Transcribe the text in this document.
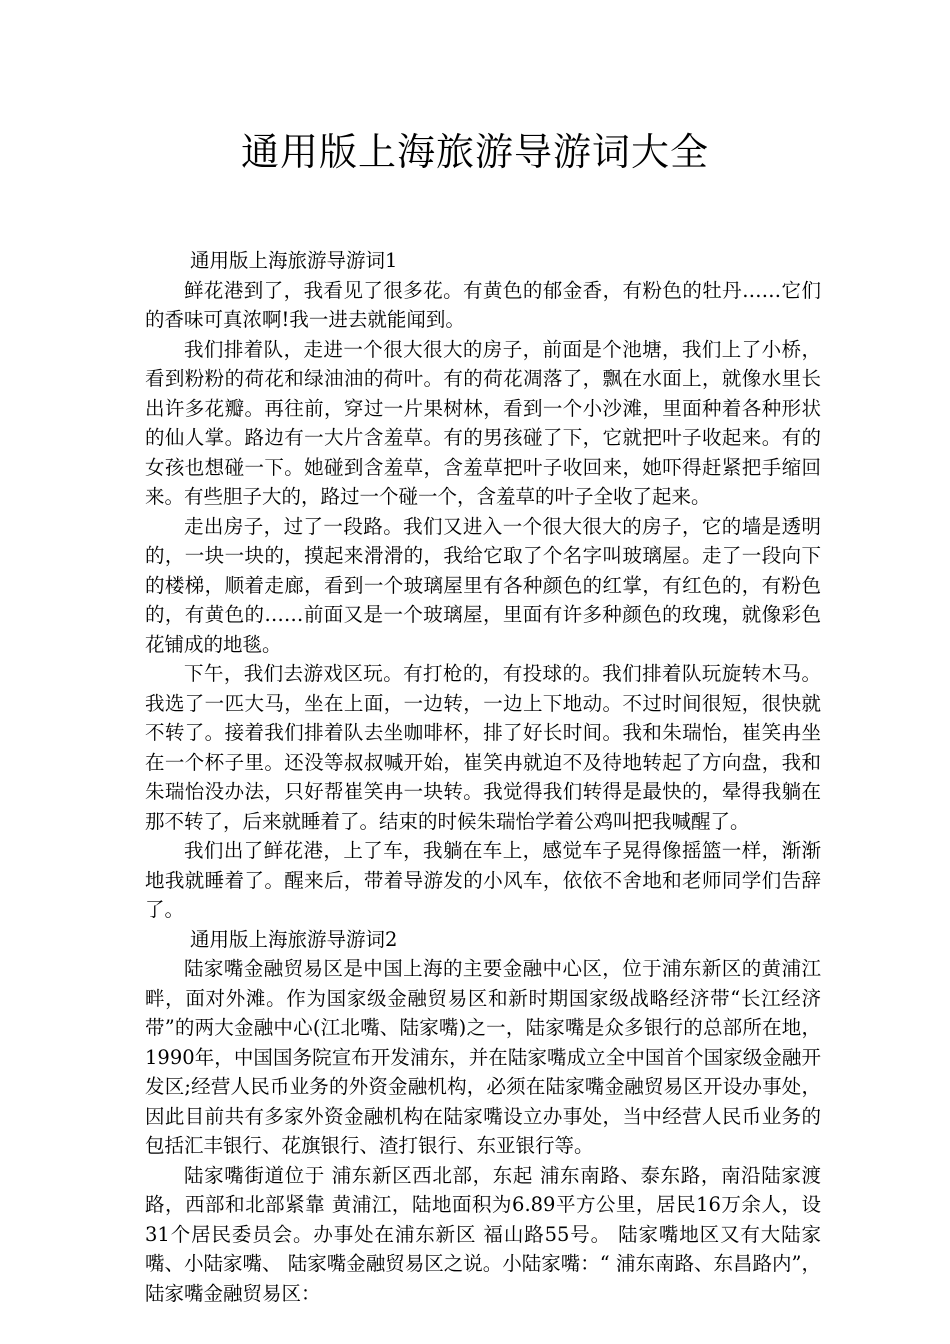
通用版上海旅游导游词大全

通用版上海旅游导游词1

鲜花港到了，我看见了很多花。有黄色的郁金香，有粉色的牡丹……它们的香味可真浓啊!我一进去就能闻到。

我们排着队，走进一个很大很大的房子，前面是个池塘，我们上了小桥，看到粉粉的荷花和绿油油的荷叶。有的荷花凋落了，飘在水面上，就像水里长出许多花瓣。再往前，穿过一片果树林，看到一个小沙滩，里面种着各种形状的仙人掌。路边有一大片含羞草。有的男孩碰了下，它就把叶子收起来。有的女孩也想碰一下。她碰到含羞草，含羞草把叶子收回来，她吓得赶紧把手缩回来。有些胆子大的，路过一个碰一个，含羞草的叶子全收了起来。

走出房子，过了一段路。我们又进入一个很大很大的房子，它的墙是透明的，一块一块的，摸起来滑滑的，我给它取了个名字叫玻璃屋。走了一段向下的楼梯，顺着走廊，看到一个玻璃屋里有各种颜色的红掌，有红色的，有粉色的，有黄色的……前面又是一个玻璃屋，里面有许多种颜色的玫瑰，就像彩色花铺成的地毯。

下午，我们去游戏区玩。有打枪的，有投球的。我们排着队玩旋转木马。我选了一匹大马，坐在上面，一边转，一边上下地动。不过时间很短，很快就不转了。接着我们排着队去坐咖啡杯，排了好长时间。我和朱瑞怡，崔笑冉坐在一个杯子里。还没等叔叔喊开始，崔笑冉就迫不及待地转起了方向盘，我和朱瑞怡没办法，只好帮崔笑冉一块转。我觉得我们转得是最快的，晕得我躺在那不转了，后来就睡着了。结束的时候朱瑞怡学着公鸡叫把我喊醒了。

我们出了鲜花港，上了车，我躺在车上，感觉车子晃得像摇篮一样，渐渐地我就睡着了。醒来后，带着导游发的小风车，依依不舍地和老师同学们告辞了。

通用版上海旅游导游词2

陆家嘴金融贸易区是中国上海的主要金融中心区，位于浦东新区的黄浦江畔，面对外滩。作为国家级金融贸易区和新时期国家级战略经济带“长江经济带”的两大金融中心(江北嘴、陆家嘴)之一，陆家嘴是众多银行的总部所在地，1990年，中国国务院宣布开发浦东，并在陆家嘴成立全中国首个国家级金融开发区;经营人民币业务的外资金融机构，必须在陆家嘴金融贸易区开设办事处，因此目前共有多家外资金融机构在陆家嘴设立办事处，当中经营人民币业务的包括汇丰银行、花旗银行、渣打银行、东亚银行等。

陆家嘴街道位于 浦东新区西北部，东起 浦东南路、泰东路，南沿陆家渡路，西部和北部紧靠 黄浦江，陆地面积为6.89平方公里，居民16万余人，设31个居民委员会。办事处在浦东新区 福山路55号。 陆家嘴地区又有大陆家嘴、小陆家嘴、 陆家嘴金融贸易区之说。小陆家嘴：“ 浦东南路、东昌路内”，陆家嘴金融贸易区：
